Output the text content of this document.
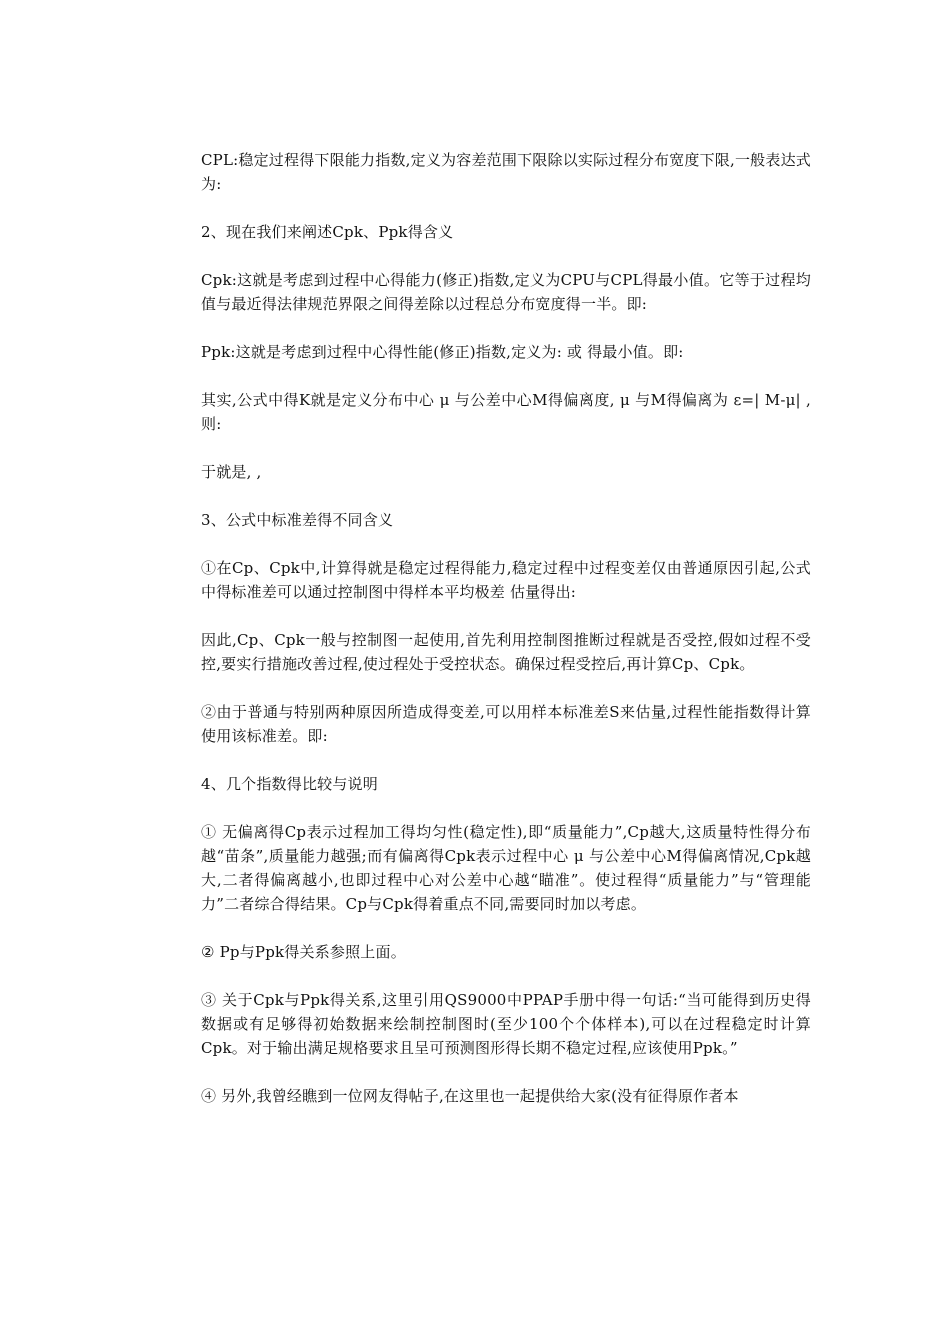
CPL:稳定过程得下限能力指数,定义为容差范围下限除以实际过程分布宽度下限,一般表达式为:

2、现在我们来阐述Cpk、Ppk得含义

Cpk:这就是考虑到过程中心得能力(修正)指数,定义为CPU与CPL得最小值。它等于过程均值与最近得法律规范界限之间得差除以过程总分布宽度得一半。即:

Ppk:这就是考虑到过程中心得性能(修正)指数,定义为: 或 得最小值。即:

其实,公式中得K就是定义分布中心 μ 与公差中心M得偏离度, μ 与M得偏离为 ε=| M-μ| ,则:

于就是, ,

3、公式中标准差得不同含义

①在Cp、Cpk中,计算得就是稳定过程得能力,稳定过程中过程变差仅由普通原因引起,公式中得标准差可以通过控制图中得样本平均极差 估量得出:

因此,Cp、Cpk一般与控制图一起使用,首先利用控制图推断过程就是否受控,假如过程不受控,要实行措施改善过程,使过程处于受控状态。确保过程受控后,再计算Cp、Cpk。

②由于普通与特别两种原因所造成得变差,可以用样本标准差S来估量,过程性能指数得计算使用该标准差。即:

4、几个指数得比较与说明

① 无偏离得Cp表示过程加工得均匀性(稳定性),即“质量能力”,Cp越大,这质量特性得分布越“苗条”,质量能力越强;而有偏离得Cpk表示过程中心 μ 与公差中心M得偏离情况,Cpk越大,二者得偏离越小,也即过程中心对公差中心越“瞄准”。使过程得“质量能力”与“管理能力”二者综合得结果。Cp与Cpk得着重点不同,需要同时加以考虑。

② Pp与Ppk得关系参照上面。

③ 关于Cpk与Ppk得关系,这里引用QS9000中PPAP手册中得一句话:“当可能得到历史得数据或有足够得初始数据来绘制控制图时(至少100个个体样本),可以在过程稳定时计算Cpk。对于输出满足规格要求且呈可预测图形得长期不稳定过程,应该使用Ppk。”

④ 另外,我曾经瞧到一位网友得帖子,在这里也一起提供给大家(没有征得原作者本
